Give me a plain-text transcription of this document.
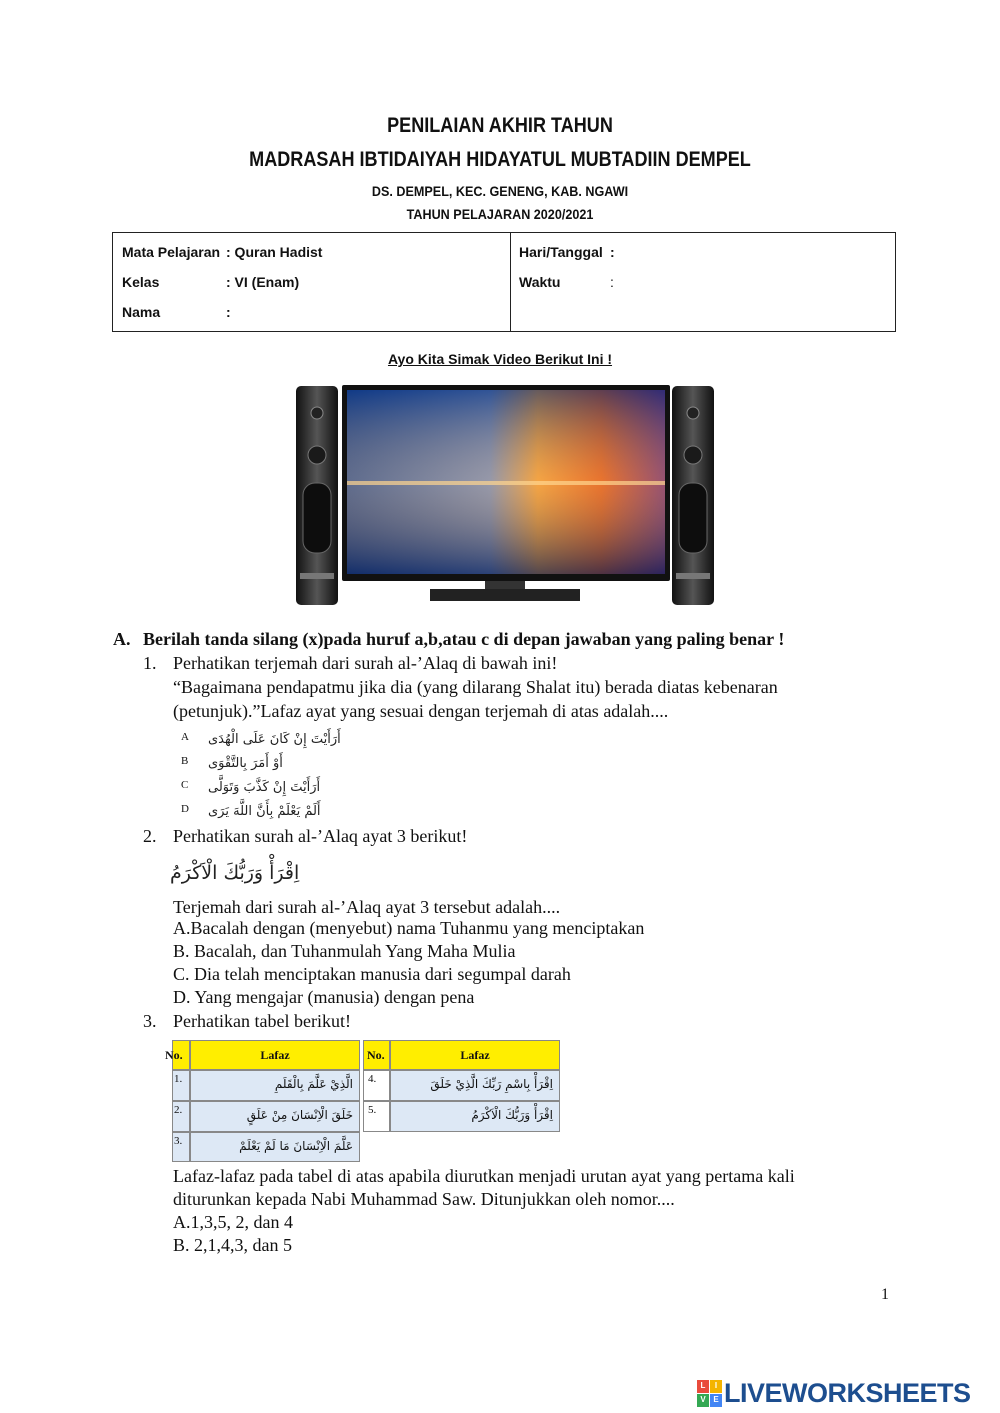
PENILAIAN AKHIR TAHUN
MADRASAH IBTIDAIYAH HIDAYATUL MUBTADIIN DEMPEL
DS. DEMPEL, KEC. GENENG, KAB. NGAWI
TAHUN PELAJARAN 2020/2021
Mata Pelajaran : Quran Hadist
Kelas	: VI (Enam)
Nama	:
Hari/Tanggal :
Waktu	:
Ayo Kita Simak Video Berikut Ini !
A. Berilah tanda silang (x)pada huruf a,b,atau c di depan jawaban yang paling benar !
1. Perhatikan terjemah dari surah al-’Alaq di bawah ini!
“Bagaimana pendapatmu jika dia (yang dilarang Shalat itu) berada diatas kebenaran
(petunjuk).”Lafaz ayat yang sesuai dengan terjemah di atas adalah....
A أَرَأَيْتَ إِنْ كَانَ عَلَى الْهُدَى
B أَوْ أَمَرَ بِالتَّقْوَى
C أَرَأَيْتَ إِنْ كَذَّبَ وَتَوَلَّى
D أَلَمْ يَعْلَمْ بِأَنَّ اللَّهَ يَرَى
2. Perhatikan surah al-’Alaq ayat 3 berikut!
اِقْرَأْ وَرَبُّكَ الْاَكْرَمُ
Terjemah dari surah al-’Alaq ayat 3 tersebut adalah....
A.Bacalah dengan (menyebut) nama Tuhanmu yang menciptakan
B. Bacalah, dan Tuhanmulah Yang Maha Mulia
C. Dia telah menciptakan manusia dari segumpal darah
D. Yang mengajar (manusia) dengan pena
3. Perhatikan tabel berikut!
No.	Lafaz	No.	Lafaz
1.	الَّذِيْ عَلَّمَ بِالْقَلَمِ	4.	اِقْرَأْ بِاسْمِ رَبِّكَ الَّذِيْ خَلَقَ
2.	خَلَقَ الْاِنْسَانَ مِنْ عَلَقٍ	5.	اِقْرَأْ وَرَبُّكَ الْاَكْرَمُ
3.	عَلَّمَ الْاِنْسَانَ مَا لَمْ يَعْلَمْ
Lafaz-lafaz pada tabel di atas apabila diurutkan menjadi urutan ayat yang pertama kali
diturunkan kepada Nabi Muhammad Saw. Ditunjukkan oleh nomor....
A.1,3,5, 2, dan 4
B. 2,1,4,3, dan 5
1
L	I
V E LIVEWORKSHEETS
